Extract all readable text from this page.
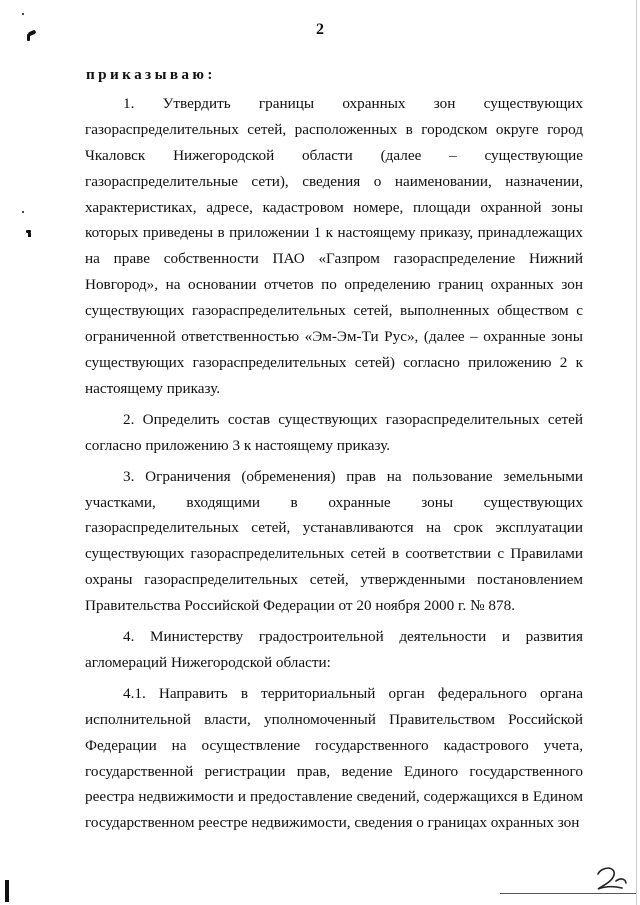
2
приказываю:

1. Утвердить границы охранных зон существующих газораспределительных сетей, расположенных в городском округе город Чкаловск Нижегородской области (далее – существующие газораспределительные сети), сведения о наименовании, назначении, характеристиках, адресе, кадастровом номере, площади охранной зоны которых приведены в приложении 1 к настоящему приказу, принадлежащих на праве собственности ПАО «Газпром газораспределение Нижний Новгород», на основании отчетов по определению границ охранных зон существующих газораспределительных сетей, выполненных обществом с ограниченной ответственностью «Эм-Эм-Ти Рус», (далее – охранные зоны существующих газораспределительных сетей) согласно приложению 2 к настоящему приказу.

2. Определить состав существующих газораспределительных сетей согласно приложению 3 к настоящему приказу.

3. Ограничения (обременения) прав на пользование земельными участками, входящими в охранные зоны существующих газораспределительных сетей, устанавливаются на срок эксплуатации существующих газораспределительных сетей в соответствии с Правилами охраны газораспределительных сетей, утвержденными постановлением Правительства Российской Федерации от 20 ноября 2000 г. № 878.

4. Министерству градостроительной деятельности и развития агломераций Нижегородской области:

4.1. Направить в территориальный орган федерального органа исполнительной власти, уполномоченный Правительством Российской Федерации на осуществление государственного кадастрового учета, государственной регистрации прав, ведение Единого государственного реестра недвижимости и предоставление сведений, содержащихся в Едином государственном реестре недвижимости, сведения о границах охранных зон
